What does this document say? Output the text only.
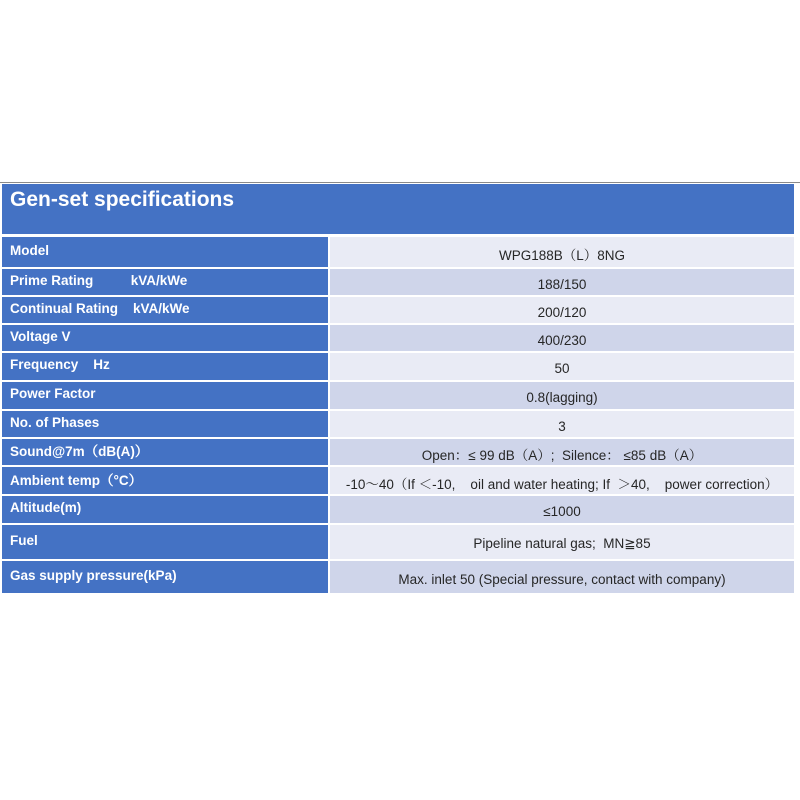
Gen-set specifications
Model	WPG188B（L）8NG
Prime Rating          kVA/kWe	188/150
Continual Rating    kVA/kWe	200/120
Voltage V	400/230
Frequency    Hz	50
Power Factor	0.8(lagging)
No. of Phases	3
Sound@7m（dB(A)）	Open：≤ 99 dB（A）;  Silence： ≤85 dB（A）
Ambient temp（°C）	-10～40（If ＜-10,    oil and water heating; If  ＞40,    power correction）
Altitude(m)	≤1000
Fuel	Pipeline natural gas;  MN≧85
Gas supply pressure(kPa)	Max. inlet 50 (Special pressure, contact with company)
